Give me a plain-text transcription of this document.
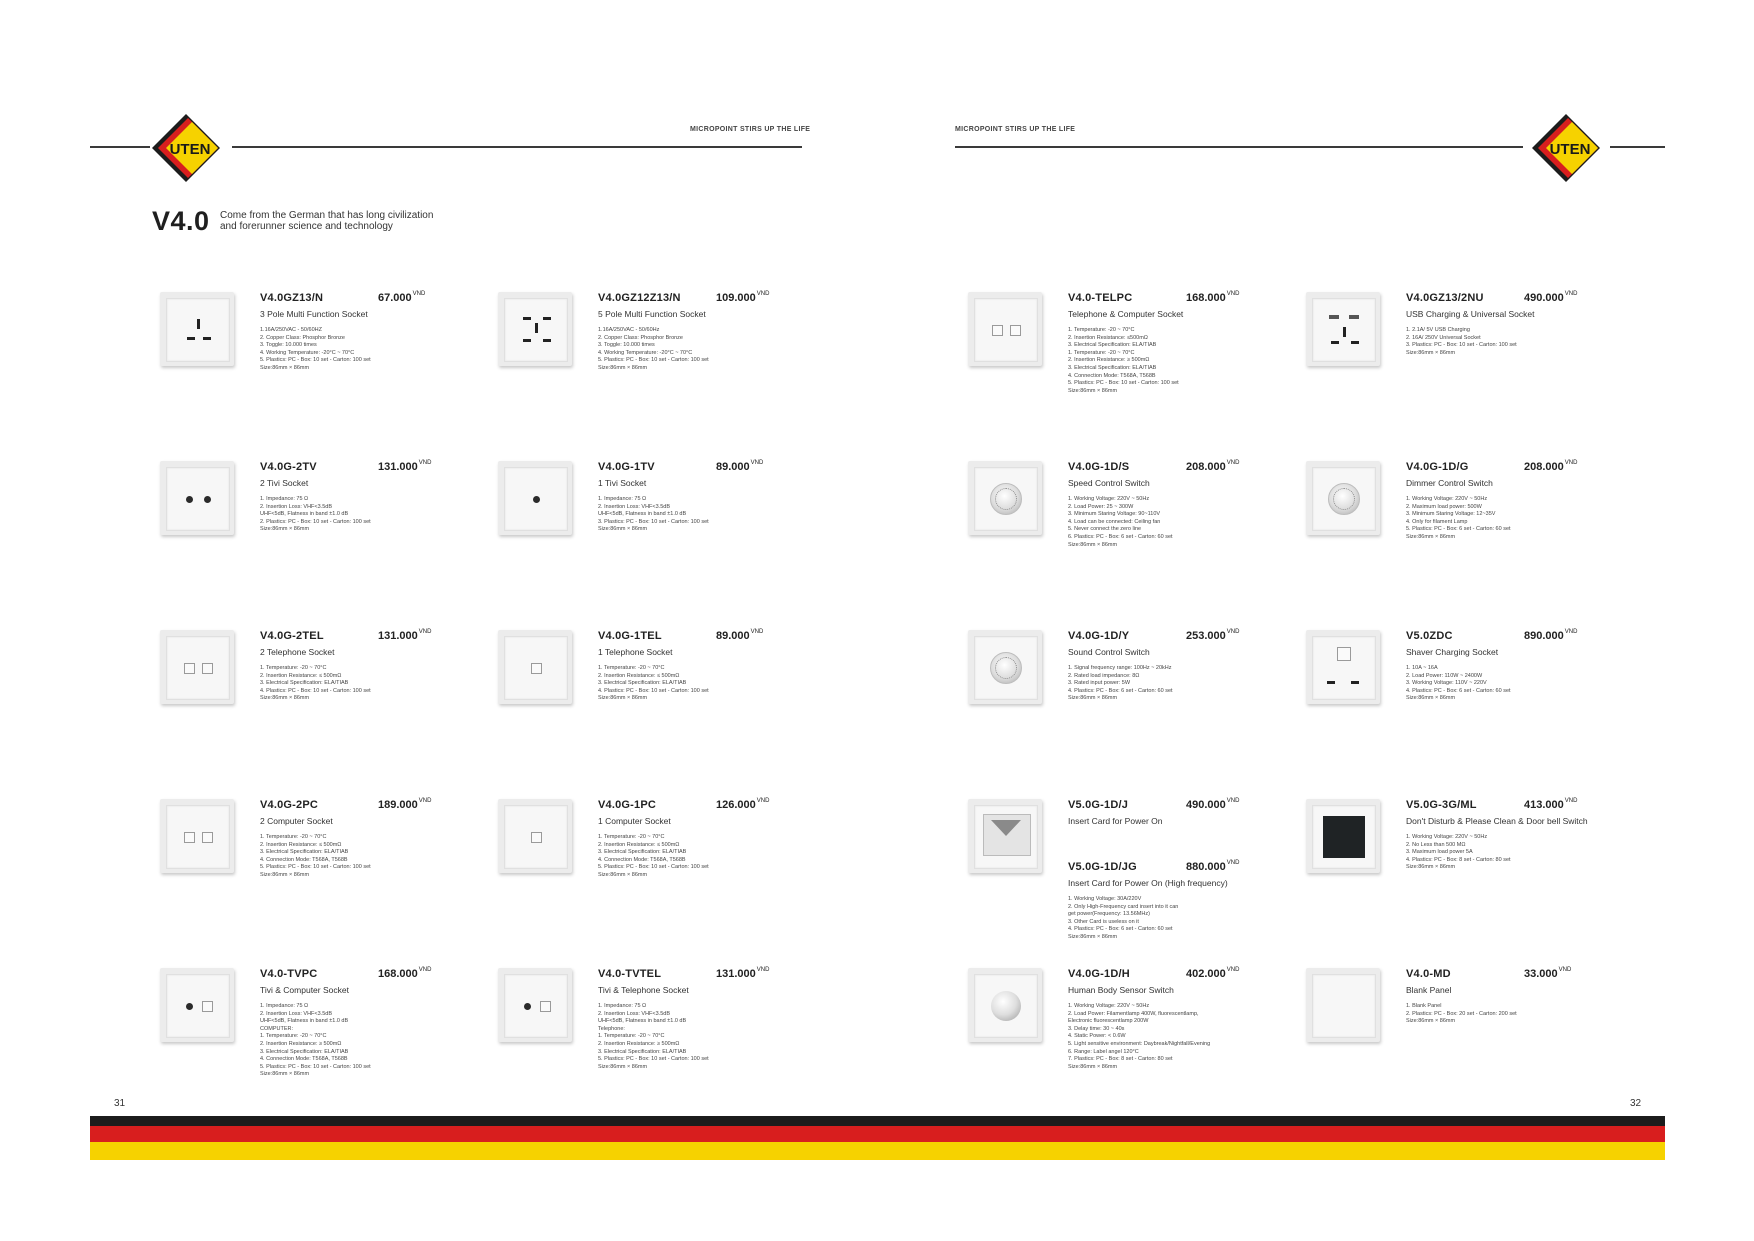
MICROPOINT STIRS UP THE LIFE	MICROPOINT STIRS UP THE LIFE
UTEN	UTEN
V4.0 Come from the German that has long civilization
and forerunner science and technology
V4.0GZ13/N	$67.000^{VND}$
3 Pole Multi Function Socket
1.16A/250VAC - 50/60HZ
2. Copper Class: Phosphor Bronze
3. Toggle: 10.000 times
4. Working Temperature: -20°C ~ 70°C
5. Plastics: PC - Box: 10 set - Carton: 100 set
Size:86mm × 86mm
V4.0GZ12Z13/N	$109.000^{VND}$
5 Pole Multi Function Socket
1.16A/250VAC - 50/60Hz
2. Copper Class: Phosphor Bronze
3. Toggle: 10.000 times
4. Working Temperature: -20°C ~ 70°C
5. Plastics: PC - Box: 10 set - Carton: 100 set
Size:86mm × 86mm
V4.0-TELPC	$168.000^{VND}$
Telephone & Computer Socket
1. Temperature: -20 ~ 70°C
2. Insertion Resistance: ≤500mΩ
3. Electrical Specification: ELA/TIAB
1. Temperature: -20 ~ 70°C
2. Insertion Resistance: ≥ 500mΩ
3. Electrical Specification: ELA/TIAB
4. Connection Mode: T568A, T568B
5. Plastics: PC - Box: 10 set - Carton: 100 set
Size:86mm × 86mm
V4.0GZ13/2NU	$490.000^{VND}$
USB Charging & Universal Socket
1. 2.1A/ 5V USB Charging
2. 16A/ 250V Universal Socket
3. Plastics: PC - Box: 10 set - Carton: 100 set
Size:86mm × 86mm
V4.0G-2TV	$131.000^{VND}$
2 Tivi Socket
1. Impedance: 75 Ω
2. Insertion Loss: VHF<3.5dB
UHF<5dB, Flatness in band ±1.0 dB
2. Plastics: PC - Box: 10 set - Carton: 100 set
Size:86mm × 86mm
V4.0G-1TV	$89.000^{VND}$
1 Tivi Socket
1. Impedance: 75 Ω
2. Insertion Loss: VHF<3.5dB
UHF<5dB, Flatness in band ±1.0 dB
3. Plastics: PC - Box: 10 set - Carton: 100 set
Size:86mm × 86mm
V4.0G-1D/S	$208.000^{VND}$
Speed Control Switch
1. Working Voltage: 220V ~ 50Hz
2. Load Power: 25 ~ 300W
3. Minimum Staring Voltage: 90~110V
4. Load can be connected: Ceiling fan
5. Never connect the zero line
6. Plastics: PC - Box: 6 set - Carton: 60 set
Size:86mm × 86mm
V4.0G-1D/G	$208.000^{VND}$
Dimmer Control Switch
1. Working Voltage: 220V ~ 50Hz
2. Maximum load power: 500W
3. Minimum Staring Voltage: 12~35V
4. Only for filament Lamp
5. Plastics: PC - Box: 6 set - Carton: 60 set
Size:86mm × 86mm
V4.0G-2TEL	$131.000^{VND}$
2 Telephone Socket
1. Temperature: -20 ~ 70°C
2. Insertion Resistance: ≤ 500mΩ
3. Electrical Specification: ELA/TIAB
4. Plastics: PC - Box: 10 set - Carton: 100 set
Size:86mm × 86mm
V4.0G-1TEL	$89.000^{VND}$
1 Telephone Socket
1. Temperature: -20 ~ 70°C
2. Insertion Resistance: ≤ 500mΩ
3. Electrical Specification: ELA/TIAB
4. Plastics: PC - Box: 10 set - Carton: 100 set
Size:86mm × 86mm
V4.0G-1D/Y	$253.000^{VND}$
Sound Control Switch
1. Signal frequency range: 100Hz ~ 20kHz
2. Rated load impedance: 8Ω
3. Rated input power: 5W
4. Plastics: PC - Box: 6 set - Carton: 60 set
Size:86mm × 86mm
V5.0ZDC	$890.000^{VND}$
Shaver Charging Socket
1. 10A ~ 16A
2. Load Power: 110W ~ 2400W
3. Working Voltage: 110V ~ 220V
4. Plastics: PC - Box: 6 set - Carton: 60 set
Size:86mm × 86mm
V4.0G-2PC	$189.000^{VND}$
2 Computer Socket
1. Temperature: -20 ~ 70°C
2. Insertion Resistance: ≤ 500mΩ
3. Electrical Specification: ELA/TIAB
4. Connection Mode: T568A, T568B
5. Plastics: PC - Box: 10 set - Carton: 100 set
Size:86mm × 86mm
V4.0G-1PC	$126.000^{VND}$
1 Computer Socket
1. Temperature: -20 ~ 70°C
2. Insertion Resistance: ≤ 500mΩ
3. Electrical Specification: ELA/TIAB
4. Connection Mode: T568A, T568B
5. Plastics: PC - Box: 10 set - Carton: 100 set
Size:86mm × 86mm
V5.0G-1D/J	$490.000^{VND}$
Insert Card for Power On
V5.0G-1D/JG	$880.000^{VND}$
Insert Card for Power On (High frequency)
1. Working Voltage: 30A/220V
2. Only High-Frequency card insert into it can
get power(Frequency: 13.56MHz)
3. Other Card is useless on it
4. Plastics: PC - Box: 6 set - Carton: 60 set
Size:86mm × 86mm
V5.0G-3G/ML	$413.000^{VND}$
Don't Disturb & Please Clean & Door bell Switch
1. Working Voltage: 220V ~ 50Hz
2. No Less than 500 MΩ
3. Maximum load power 5A
4. Plastics: PC - Box: 8 set - Carton: 80 set
Size:86mm × 86mm
V4.0-TVPC	$168.000^{VND}$
Tivi & Computer Socket
1. Impedance: 75 Ω
2. Insertion Loss: VHF<3.5dB
UHF<5dB, Flatness in band ±1.0 dB
COMPUTER:
1. Temperature: -20 ~ 70°C
2. Insertion Resistance: ≥ 500mΩ
3. Electrical Specification: ELA/TIAB
4. Connection Mode: T568A, T568B
5. Plastics: PC - Box: 10 set - Carton: 100 set
Size:86mm × 86mm
V4.0-TVTEL	$131.000^{VND}$
Tivi & Telephone Socket
1. Impedance: 75 Ω
2. Insertion Loss: VHF<3.5dB
UHF<5dB, Flatness in band ±1.0 dB
Telephone:
1. Temperature: -20 ~ 70°C
2. Insertion Resistance: ≥ 500mΩ
3. Electrical Specification: ELA/TIAB
5. Plastics: PC - Box: 10 set - Carton: 100 set
Size:86mm × 86mm
V4.0G-1D/H	$402.000^{VND}$
Human Body Sensor Switch
1. Working Voltage: 220V ~ 50Hz
2. Load Power: Filamentlamp 400W, fluorescentlamp,
Electronic fluorescentlamp 200W
3. Delay time: 30 ~ 40s
4. Static Power: < 0.6W
5. Light sensitive environment: Daybreak/Nightfall/Evening
6. Range: Label angel 120°C
7. Plastics: PC - Box: 8 set - Carton: 80 set
Size:86mm × 86mm
V4.0-MD	$33.000^{VND}$
Blank Panel
1. Blank Panel
2. Plastics: PC - Box: 20 set - Carton: 200 set
Size:86mm × 86mm
31	32
